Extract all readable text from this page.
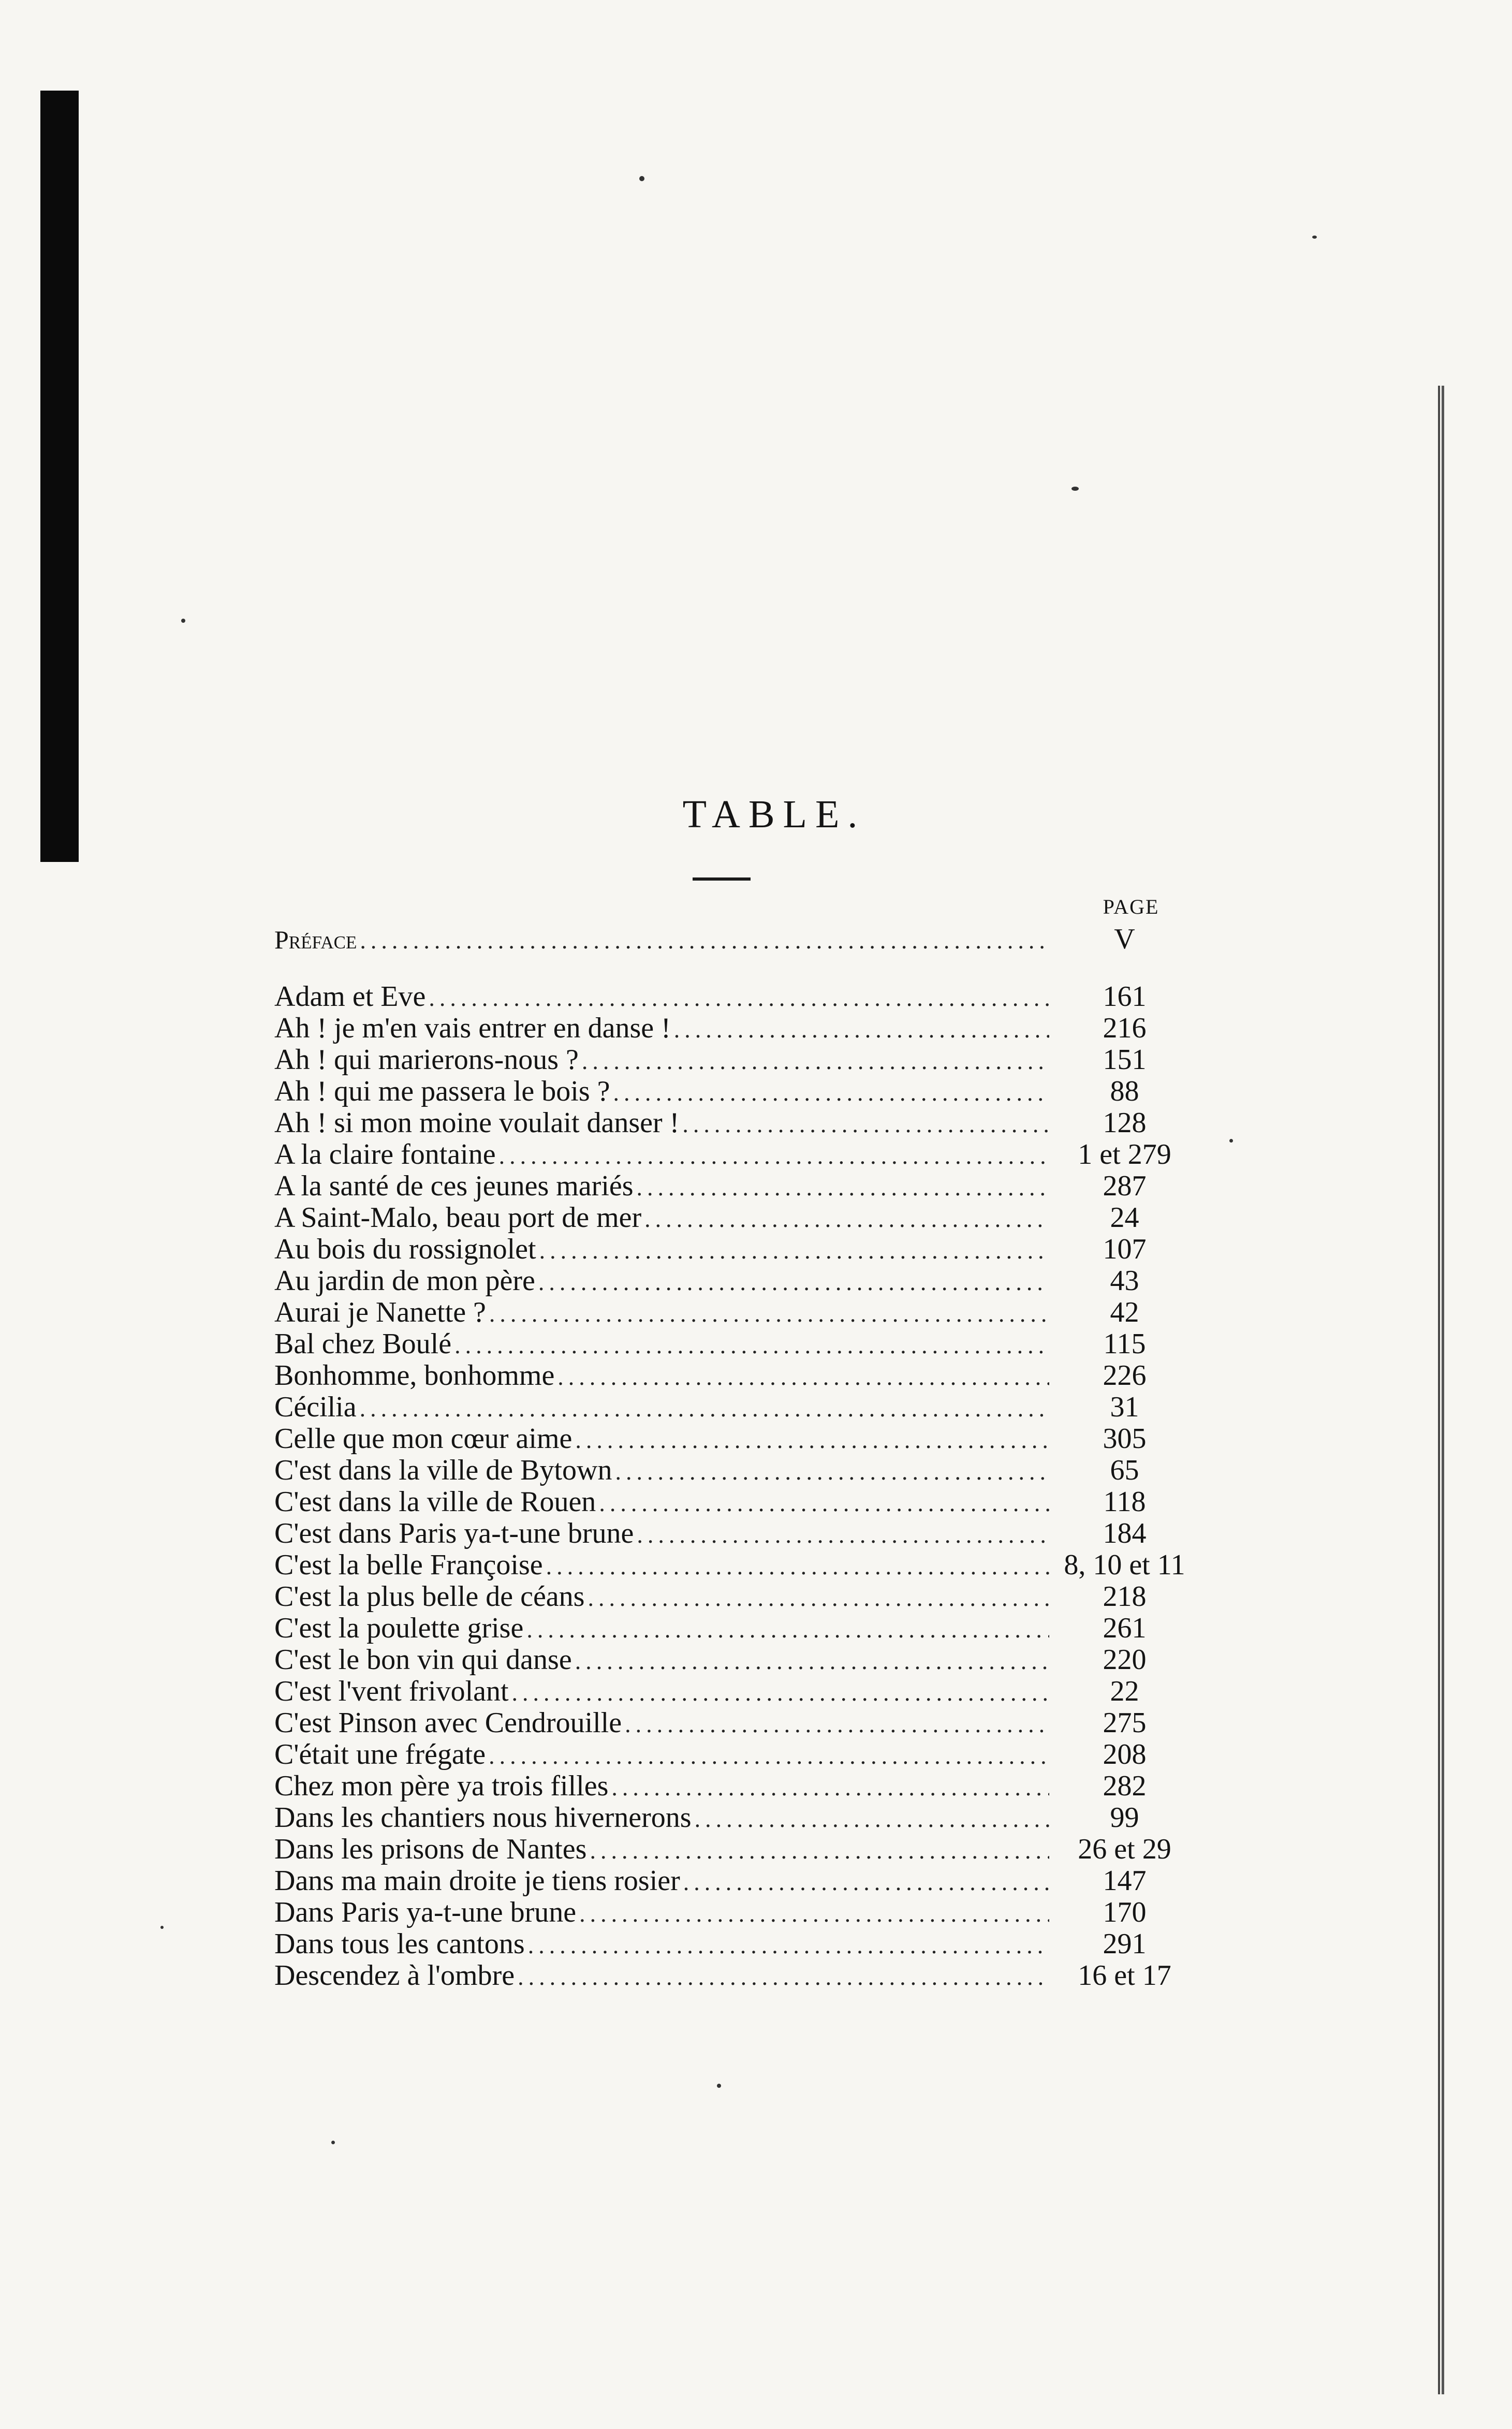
TABLE.
PAGE
Préface .....	V
Adam et Eve .....	161
Ah ! je m'en vais entrer en danse ! .....	216
Ah ! qui marierons-nous ? .....	151
Ah ! qui me passera le bois ? .....	88
Ah ! si mon moine voulait danser ! .....	128
A la claire fontaine .....	1 et 279
A la santé de ces jeunes mariés .....	287
A Saint-Malo, beau port de mer .....	24
Au bois du rossignolet .....	107
Au jardin de mon père .....	43
Aurai je Nanette ? .....	42
Bal chez Boulé .....	115
Bonhomme, bonhomme .....	226
Cécilia .....	31
Celle que mon cœur aime .....	305
C'est dans la ville de Bytown .....	65
C'est dans la ville de Rouen .....	118
C'est dans Paris ya-t-une brune .....	184
C'est la belle Françoise .....	8, 10 et 11
C'est la plus belle de céans .....	218
C'est la poulette grise .....	261
C'est le bon vin qui danse .....	220
C'est l'vent frivolant .....	22
C'est Pinson avec Cendrouille .....	275
C'était une frégate .....	208
Chez mon père ya trois filles .....	282
Dans les chantiers nous hivernerons .....	99
Dans les prisons de Nantes .....	26 et 29
Dans ma main droite je tiens rosier .....	147
Dans Paris ya-t-une brune .....	170
Dans tous les cantons .....	291
Descendez à l'ombre .....	16 et 17
